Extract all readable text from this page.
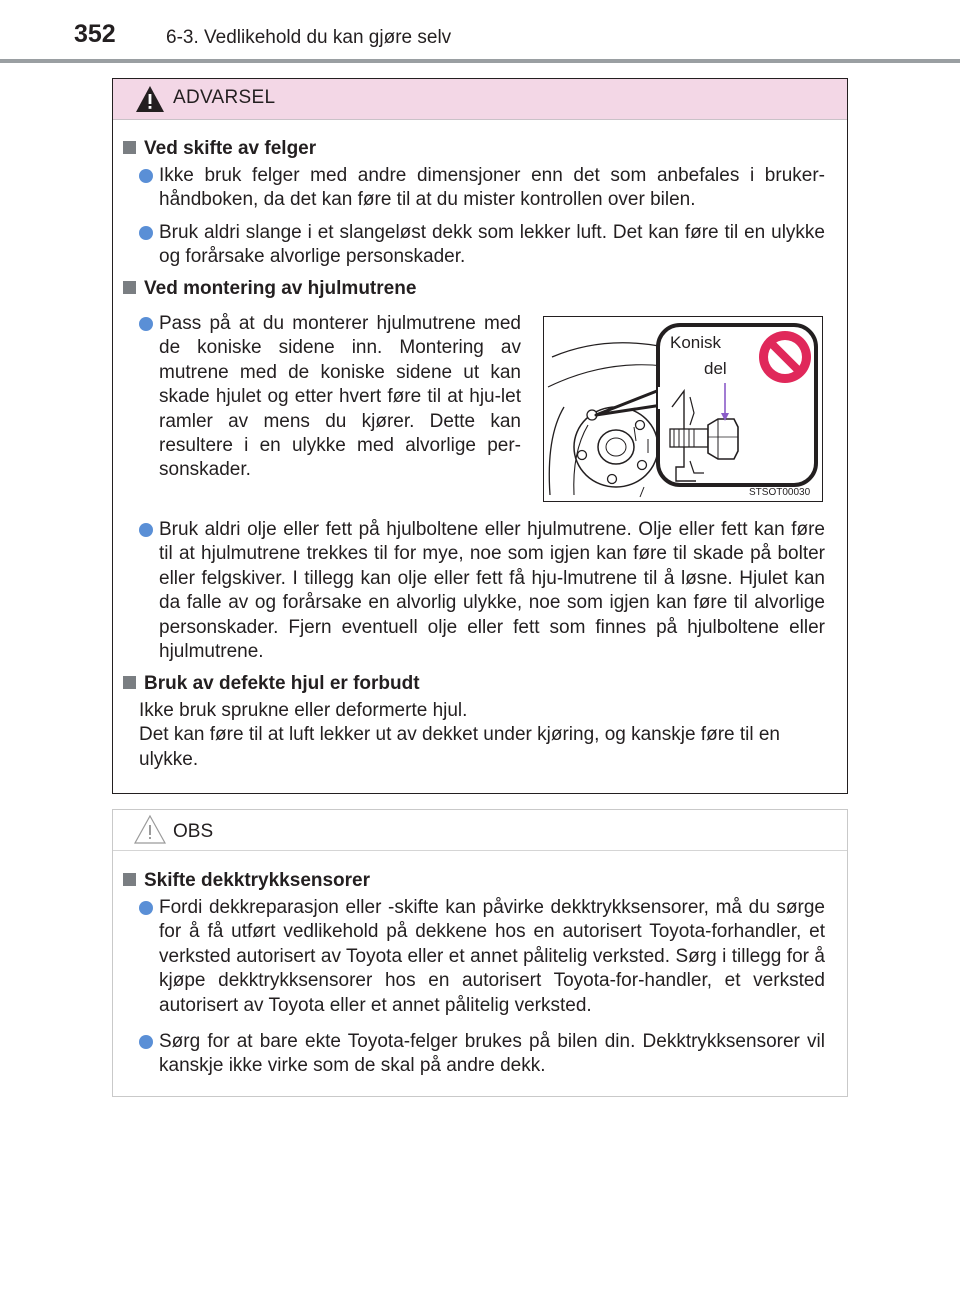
352	6-3. Vedlikehold du kan gjøre selv
ADVARSEL
Ved skifte av felger
Ikke bruk felger med andre dimensjoner enn det som anbefales i bruker-håndboken, da det kan føre til at du mister kontrollen over bilen.
Bruk aldri slange i et slangeløst dekk som lekker luft. Det kan føre til en ulykke og forårsake alvorlige personskader.
Ved montering av hjulmutrene
Pass på at du monterer hjulmutrene med de koniske sidene inn. Montering av mutrene med de koniske sidene ut kan skade hjulet og etter hvert føre til at hju-let ramler av mens du kjører. Dette kan resultere i en ulykke med alvorlige per-sonskader.
Konisk
del
STSOT00030
Bruk aldri olje eller fett på hjulboltene eller hjulmutrene. Olje eller fett kan føre til at hjulmutrene trekkes til for mye, noe som igjen kan føre til skade på bolter eller felgskiver. I tillegg kan olje eller fett få hju-lmutrene til å løsne. Hjulet kan da falle av og forårsake en alvorlig ulykke, noe som igjen kan føre til alvorlige personskader. Fjern eventuell olje eller fett som finnes på hjulboltene eller hjulmutrene.
Bruk av defekte hjul er forbudt
Ikke bruk sprukne eller deformerte hjul.
Det kan føre til at luft lekker ut av dekket under kjøring, og kanskje føre til en ulykke.
OBS
Skifte dekktrykksensorer
Fordi dekkreparasjon eller -skifte kan påvirke dekktrykksensorer, må du sørge for å få utført vedlikehold på dekkene hos en autorisert Toyota-forhandler, et verksted autorisert av Toyota eller et annet pålitelig verksted. Sørg i tillegg for å kjøpe dekktrykksensorer hos en autorisert Toyota-for-handler, et verksted autorisert av Toyota eller et annet pålitelig verksted.
Sørg for at bare ekte Toyota-felger brukes på bilen din. Dekktrykksensorer vil kanskje ikke virke som de skal på andre dekk.
